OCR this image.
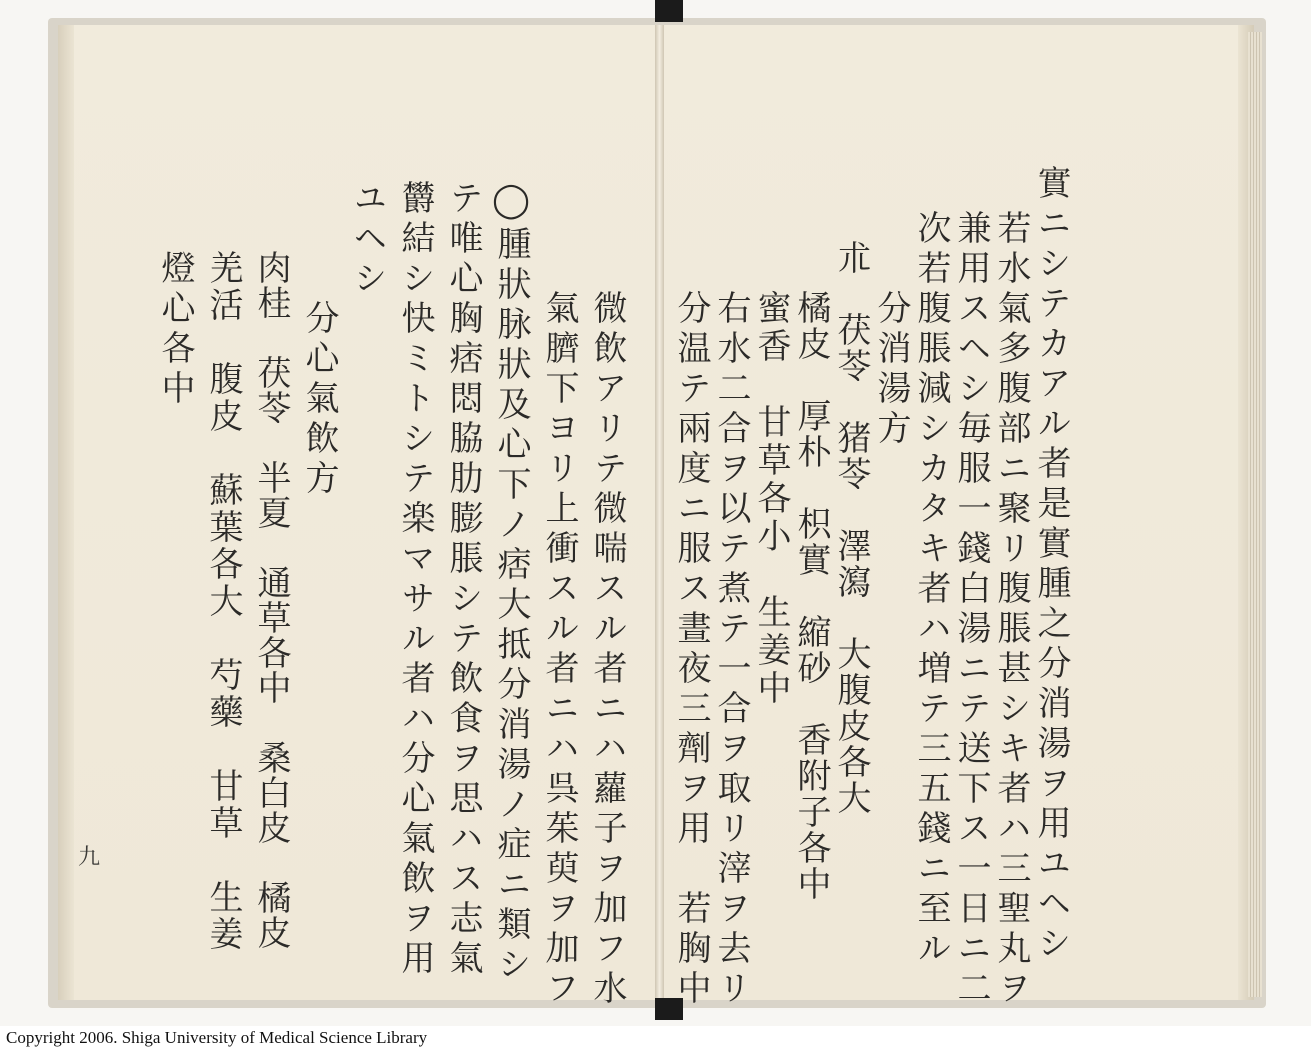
實ニシテカアル者是實腫之分消湯ヲ用ユヘシ
若水氣多腹部ニ聚リ腹脹甚シキ者ハ三聖丸ヲ
兼用スヘシ毎服一錢白湯ニテ送下ス一日ニ二
次若腹脹減シカタキ者ハ増テ三五錢ニ至ル
分消湯方
朮　茯苓　猪苓　澤瀉　大腹皮各大
橘皮　厚朴　枳實　縮砂　香附子各中
蜜香　甘草各小　生姜中
右水二合ヲ以テ煮テ一合ヲ取リ滓ヲ去リ
分温テ兩度ニ服ス晝夜三劑ヲ用　若胸中
微飲アリテ微喘スル者ニハ蘿子ヲ加フ水
氣臍下ヨリ上衝スル者ニハ呉茱萸ヲ加フ
◯腫狀脉狀及心下ノ痞大抵分消湯ノ症ニ類シ
テ唯心胸痞悶脇肋膨脹シテ飲食ヲ思ハス志氣
欝結シ快ミトシテ楽マサル者ハ分心氣飲ヲ用
ユヘシ
分心氣飲方
肉桂　茯苓　半夏　通草各中　桑白皮　橘皮
羌活　腹皮　蘇葉各大　芍藥　甘草　生姜
燈心各中
九
Copyright 2006. Shiga University of Medical Science Library
